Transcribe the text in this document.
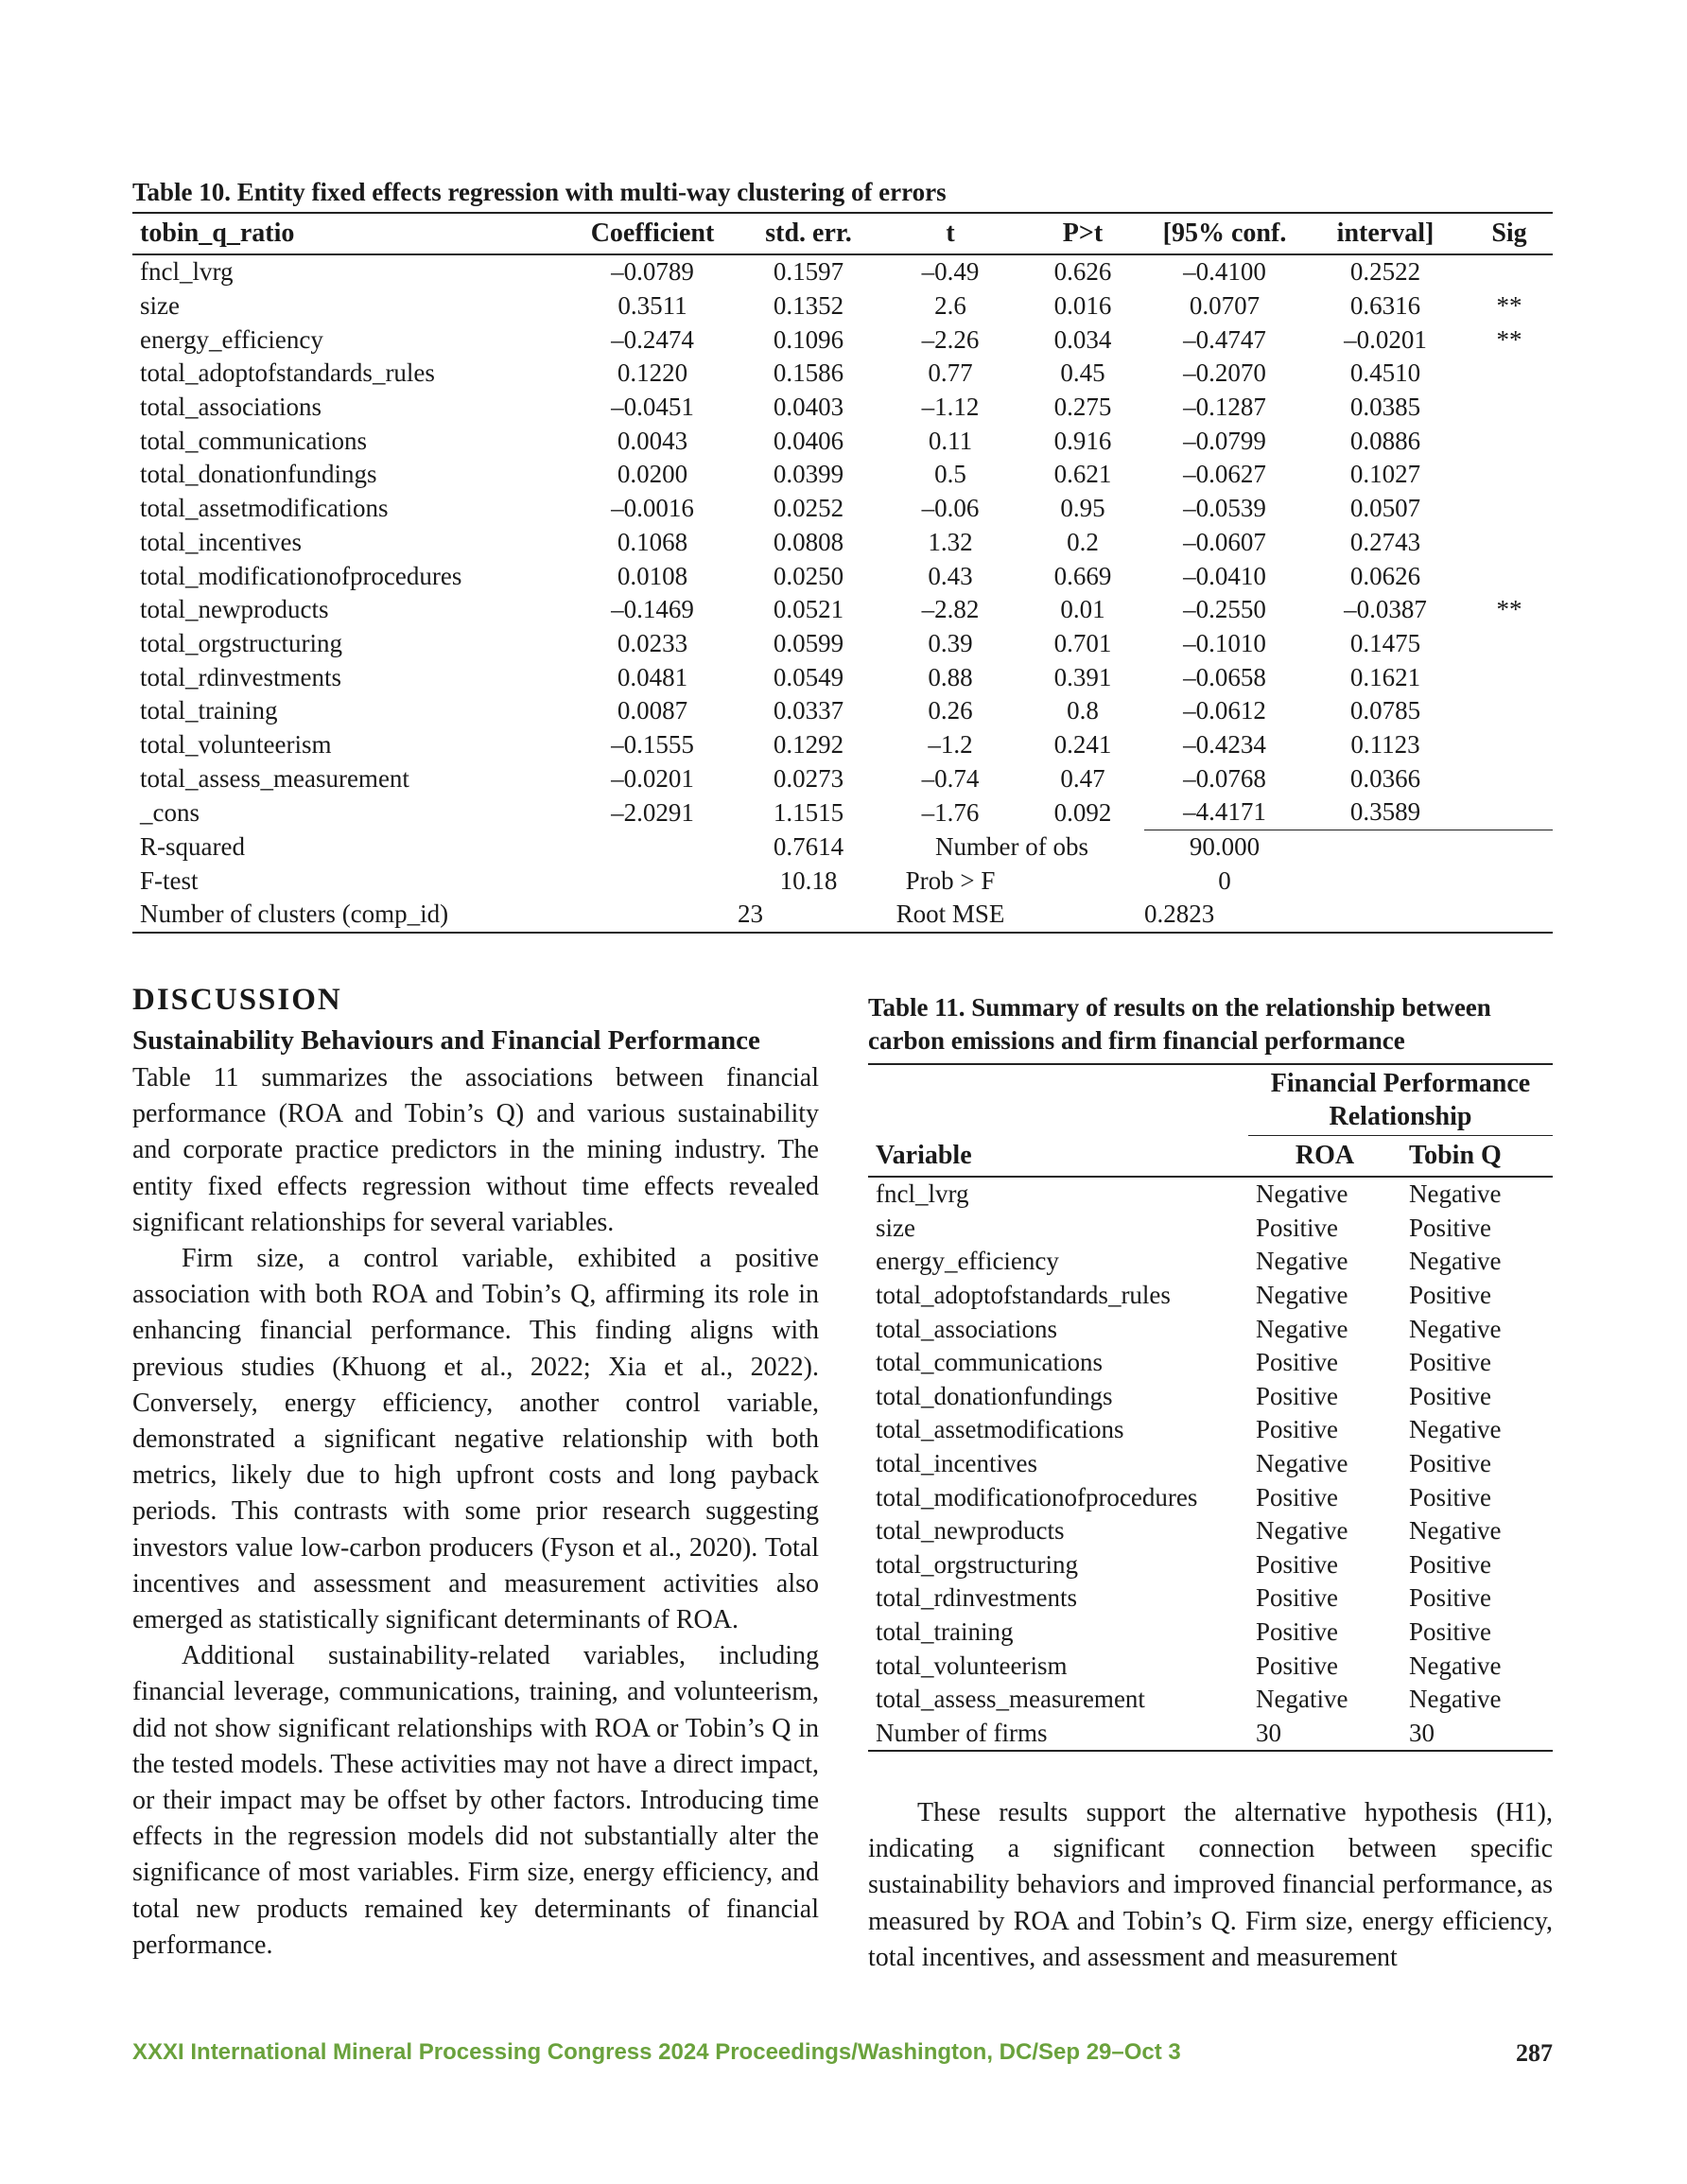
Table 10. Entity fixed effects regression with multi-way clustering of errors
tobin_q_ratio	Coefficient	std. err.	t	P>t	[95% conf.	interval]	Sig
fncl_lvrg	–0.0789	0.1597	–0.49	0.626	–0.4100	0.2522	
size	0.3511	0.1352	2.6	0.016	0.0707	0.6316	**
energy_efficiency	–0.2474	0.1096	–2.26	0.034	–0.4747	–0.0201	**
total_adoptofstandards_rules	0.1220	0.1586	0.77	0.45	–0.2070	0.4510	
total_associations	–0.0451	0.0403	–1.12	0.275	–0.1287	0.0385	
total_communications	0.0043	0.0406	0.11	0.916	–0.0799	0.0886	
total_donationfundings	0.0200	0.0399	0.5	0.621	–0.0627	0.1027	
total_assetmodifications	–0.0016	0.0252	–0.06	0.95	–0.0539	0.0507	
total_incentives	0.1068	0.0808	1.32	0.2	–0.0607	0.2743	
total_modificationofprocedures	0.0108	0.0250	0.43	0.669	–0.0410	0.0626	
total_newproducts	–0.1469	0.0521	–2.82	0.01	–0.2550	–0.0387	**
total_orgstructuring	0.0233	0.0599	0.39	0.701	–0.1010	0.1475	
total_rdinvestments	0.0481	0.0549	0.88	0.391	–0.0658	0.1621	
total_training	0.0087	0.0337	0.26	0.8	–0.0612	0.0785	
total_volunteerism	–0.1555	0.1292	–1.2	0.241	–0.4234	0.1123	
total_assess_measurement	–0.0201	0.0273	–0.74	0.47	–0.0768	0.0366	
_cons	–2.0291	1.1515	–1.76	0.092	–4.4171	0.3589	
R-squared		0.7614	Number of obs		90.000		
F-test		10.18	Prob > F		0		
Number of clusters (comp_id)		23	Root MSE		0.2823		
DISCUSSION
Sustainability Behaviours and Financial Performance

Table 11 summarizes the associations between financial performance (ROA and Tobin’s Q) and various sustainability and corporate practice predictors in the mining industry. The entity fixed effects regression without time effects revealed significant relationships for several variables.

Firm size, a control variable, exhibited a positive association with both ROA and Tobin’s Q, affirming its role in enhancing financial performance. This finding aligns with previous studies (Khuong et al., 2022; Xia et al., 2022). Conversely, energy efficiency, another control variable, demonstrated a significant negative relationship with both metrics, likely due to high upfront costs and long payback periods. This contrasts with some prior research suggesting investors value low-carbon producers (Fyson et al., 2020). Total incentives and assessment and measurement activities also emerged as statistically significant determinants of ROA.

Additional sustainability-related variables, including financial leverage, communications, training, and volunteerism, did not show significant relationships with ROA or Tobin’s Q in the tested models. These activities may not have a direct impact, or their impact may be offset by other factors. Introducing time effects in the regression models did not substantially alter the significance of most variables. Firm size, energy efficiency, and total new products remained key determinants of financial performance.

Table 11. Summary of results on the relationship between carbon emissions and firm financial performance
	Financial Performance Relationship	
Variable	ROA	Tobin Q
fncl_lvrg	Negative	Negative
size	Positive	Positive
energy_efficiency	Negative	Negative
total_adoptofstandards_rules	Negative	Positive
total_associations	Negative	Negative
total_communications	Positive	Positive
total_donationfundings	Positive	Positive
total_assetmodifications	Positive	Negative
total_incentives	Negative	Positive
total_modificationofprocedures	Positive	Positive
total_newproducts	Negative	Negative
total_orgstructuring	Positive	Positive
total_rdinvestments	Positive	Positive
total_training	Positive	Positive
total_volunteerism	Positive	Negative
total_assess_measurement	Negative	Negative
Number of firms	30	30

These results support the alternative hypothesis (H1), indicating a significant connection between specific sustainability behaviors and improved financial performance, as measured by ROA and Tobin’s Q. Firm size, energy efficiency, total incentives, and assessment and measurement

XXXI International Mineral Processing Congress 2024 Proceedings/Washington, DC/Sep 29–Oct 3	287
